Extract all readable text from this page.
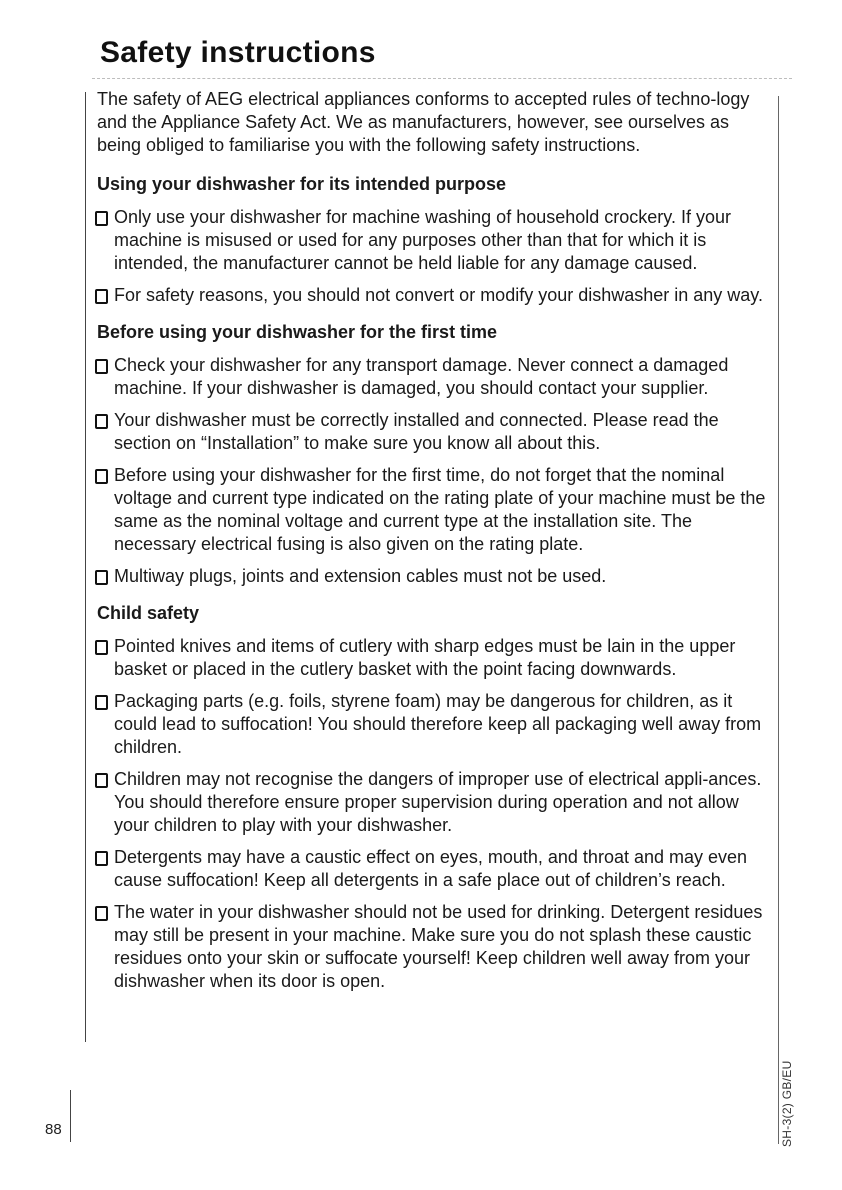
Safety instructions

The safety of AEG electrical appliances conforms to accepted rules of techno-logy and the Appliance Safety Act. We as manufacturers, however, see ourselves as being obliged to familiarise you with the following safety instructions.

Using your dishwasher for its intended purpose
Only use your dishwasher for machine washing of household crockery. If your machine is misused or used for any purposes other than that for which it is intended, the manufacturer cannot be held liable for any damage caused.
For safety reasons, you should not convert or modify your dishwasher in any way.
Before using your dishwasher for the first time
Check your dishwasher for any transport damage. Never connect a damaged machine. If your dishwasher is damaged, you should contact your supplier.
Your dishwasher must be correctly installed and connected. Please read the section on “Installation” to make sure you know all about this.
Before using your dishwasher for the first time, do not forget that the nominal voltage and current type indicated on the rating plate of your machine must be the same as the nominal voltage and current type at the installation site. The necessary electrical fusing is also given on the rating plate.
Multiway plugs, joints and extension cables must not be used.
Child safety
Pointed knives and items of cutlery with sharp edges must be lain in the upper basket or placed in the cutlery basket with the point facing downwards.
Packaging parts (e.g. foils, styrene foam) may be dangerous for children, as it could lead to suffocation! You should therefore keep all packaging well away from children.
Children may not recognise the dangers of improper use of electrical appli-ances. You should therefore ensure proper supervision during operation and not allow your children to play with your dishwasher.
Detergents may have a caustic effect on eyes, mouth, and throat and may even cause suffocation! Keep all detergents in a safe place out of children’s reach.
The water in your dishwasher should not be used for drinking. Detergent residues may still be present in your machine. Make sure you do not splash these caustic residues onto your skin or suffocate yourself! Keep children well away from your dishwasher when its door is open.
88	SH-3(2) GB/EU
